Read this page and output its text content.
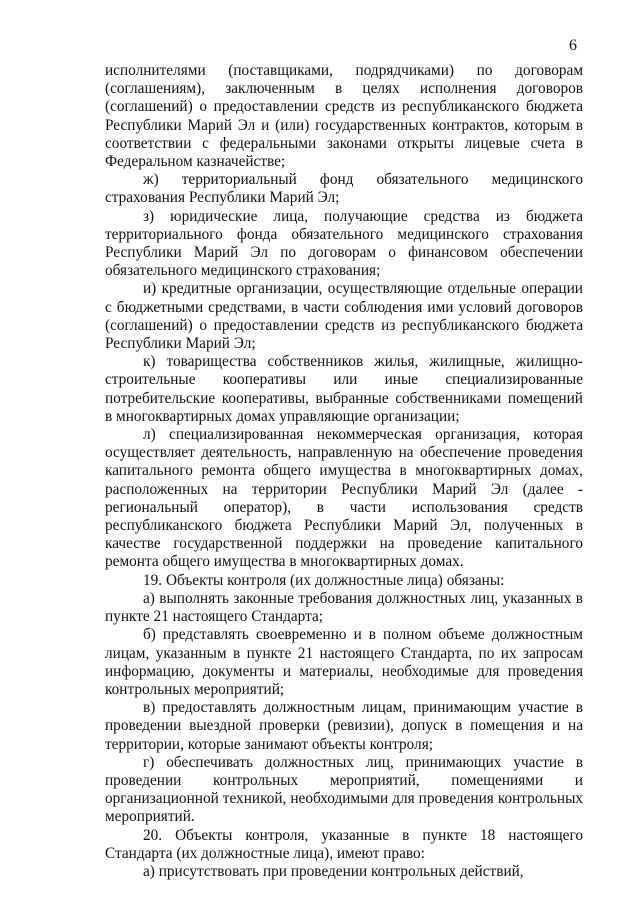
6

исполнителями (поставщиками, подрядчиками) по договорам (соглашениям), заключенным в целях исполнения договоров (соглашений) о предоставлении средств из республиканского бюджета Республики Марий Эл и (или) государственных контрактов, которым в соответствии с федеральными законами открыты лицевые счета в Федеральном казначействе;

ж) территориальный фонд обязательного медицинского страхования Республики Марий Эл;

з) юридические лица, получающие средства из бюджета территориального фонда обязательного медицинского страхования Республики Марий Эл по договорам о финансовом обеспечении обязательного медицинского страхования;

и) кредитные организации, осуществляющие отдельные операции с бюджетными средствами, в части соблюдения ими условий договоров (соглашений) о предоставлении средств из республиканского бюджета Республики Марий Эл;

к) товарищества собственников жилья, жилищные, жилищно-строительные кооперативы или иные специализированные потребительские кооперативы, выбранные собственниками помещений в многоквартирных домах управляющие организации;

л) специализированная некоммерческая организация, которая осуществляет деятельность, направленную на обеспечение проведения капитального ремонта общего имущества в многоквартирных домах, расположенных на территории Республики Марий Эл (далее - региональный оператор), в части использования средств республиканского бюджета Республики Марий Эл, полученных в качестве государственной поддержки на проведение капитального ремонта общего имущества в многоквартирных домах.

19. Объекты контроля (их должностные лица) обязаны:

а) выполнять законные требования должностных лиц, указанных в пункте 21 настоящего Стандарта;

б) представлять своевременно и в полном объеме должностным лицам, указанным в пункте 21 настоящего Стандарта, по их запросам информацию, документы и материалы, необходимые для проведения контрольных мероприятий;

в) предоставлять должностным лицам, принимающим участие в проведении выездной проверки (ревизии), допуск в помещения и на территории, которые занимают объекты контроля;

г) обеспечивать должностных лиц, принимающих участие в проведении контрольных мероприятий, помещениями и организационной техникой, необходимыми для проведения контрольных мероприятий.

20. Объекты контроля, указанные в пункте 18 настоящего Стандарта (их должностные лица), имеют право:

а) присутствовать при проведении контрольных действий,
